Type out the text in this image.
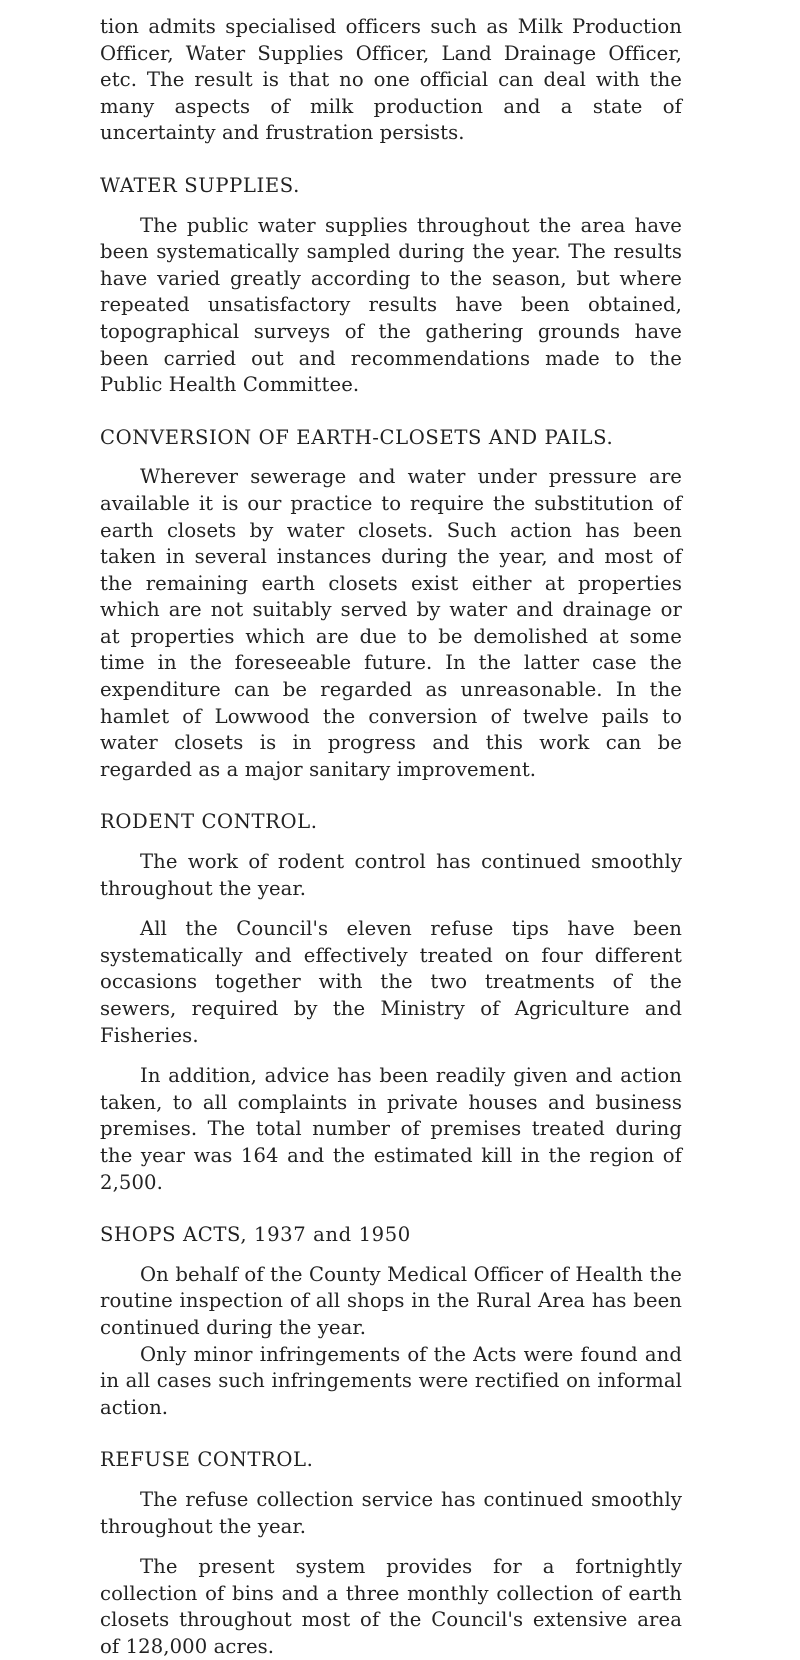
tion admits specialised officers such as Milk Production Officer, Water Supplies Officer, Land Drainage Officer, etc. The result is that no one official can deal with the many aspects of milk production and a state of uncertainty and frustration persists.

WATER SUPPLIES.

The public water supplies throughout the area have been systematically sampled during the year. The results have varied greatly according to the season, but where repeated unsatisfactory results have been obtained, topographical surveys of the gathering grounds have been carried out and recommendations made to the Public Health Committee.

CONVERSION OF EARTH-CLOSETS AND PAILS.

Wherever sewerage and water under pressure are available it is our practice to require the substitution of earth closets by water closets. Such action has been taken in several instances during the year, and most of the remaining earth closets exist either at properties which are not suitably served by water and drainage or at properties which are due to be demolished at some time in the foreseeable future. In the latter case the expenditure can be regarded as unreasonable. In the hamlet of Lowwood the conversion of twelve pails to water closets is in progress and this work can be regarded as a major sanitary improvement.

RODENT CONTROL.

The work of rodent control has continued smoothly throughout the year.

All the Council's eleven refuse tips have been systematically and effectively treated on four different occasions together with the two treatments of the sewers, required by the Ministry of Agriculture and Fisheries.

In addition, advice has been readily given and action taken, to all complaints in private houses and business premises. The total number of premises treated during the year was 164 and the estimated kill in the region of 2,500.

SHOPS ACTS, 1937 and 1950

On behalf of the County Medical Officer of Health the routine inspection of all shops in the Rural Area has been continued during the year.

Only minor infringements of the Acts were found and in all cases such infringements were rectified on informal action.

REFUSE CONTROL.

The refuse collection service has continued smoothly throughout the year.

The present system provides for a fortnightly collection of bins and a three monthly collection of earth closets throughout most of the Council's extensive area of 128,000 acres.
